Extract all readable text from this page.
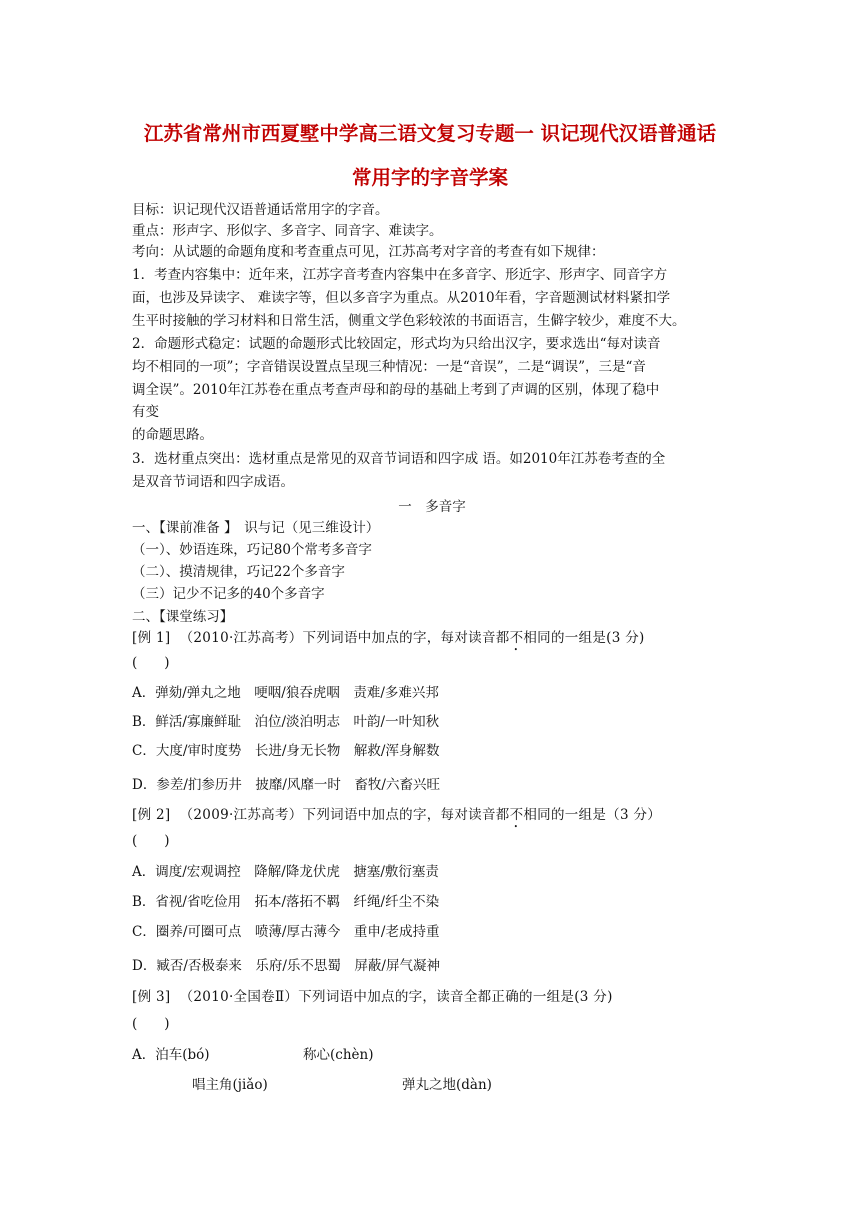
江苏省常州市西夏墅中学高三语文复习专题一 识记现代汉语普通话
常用字的字音学案
目标：识记现代汉语普通话常用字的字音。
重点：形声字、形似字、多音字、同音字、难读字。
考向：从试题的命题角度和考查重点可见，江苏高考对字音的考查有如下规律：
1．考查内容集中：近年来，江苏字音考查内容集中在多音字、形近字、形声字、同音字方
面，也涉及异读字、 难读字等，但以多音字为重点。从2010年看，字音题测试材料紧扣学
生平时接触的学习材料和日常生活，侧重文学色彩较浓的书面语言，生僻字较少，难度不大。
2．命题形式稳定：试题的命题形式比较固定，形式均为只给出汉字，要求选出“每对读音
均不相同的一项”；字音错误设置点呈现三种情况：一是“音误”，二是“调误”，三是“音
调全误”。2010年江苏卷在重点考查声母和韵母的基础上考到了声调的区别，体现了稳中
有变
的命题思路。
3．选材重点突出：选材重点是常见的双音节词语和四字成 语。如2010年江苏卷考查的全
是双音节词语和四字成语。
一　多音字
一、【课前准备 】　识与记（见三维设计）
（一）、妙语连珠，巧记80个常考多音字
（二）、摸清规律，巧记22个多音字
（三）记少不记多的40个多音字
二、【课堂练习】
[例 1] （2010·江苏高考）下列词语中加点的字，每对读音都不相同的一组是(3 分)
(　　)
A．弹劾/弹丸之地　哽咽/狼吞虎咽　责难/多难兴邦
B．鲜活/寡廉鲜耻　泊位/淡泊明志　叶韵/一叶知秋
C．大度/审时度势　长进/身无长物　解救/浑身解数
D．参差/扪参历井　披靡/风靡一时　畜牧/六畜兴旺
[例 2] （2009·江苏高考）下列词语中加点的字，每对读音都不相同的一组是（3 分）
(　　)
A．调度/宏观调控　降解/降龙伏虎　搪塞/敷衍塞责
B．省视/省吃俭用　拓本/落拓不羁　纤绳/纤尘不染
C．圈养/可圈可点　喷薄/厚古薄今　重申/老成持重
D．臧否/否极泰来　乐府/乐不思蜀　屏蔽/屏气凝神
[例 3] （2010·全国卷Ⅱ）下列词语中加点的字，读音全都正确的一组是(3 分)
(　　)
A．泊车(bó)	称心(chèn)
唱主角(jiǎo)	弹丸之地(dàn)
